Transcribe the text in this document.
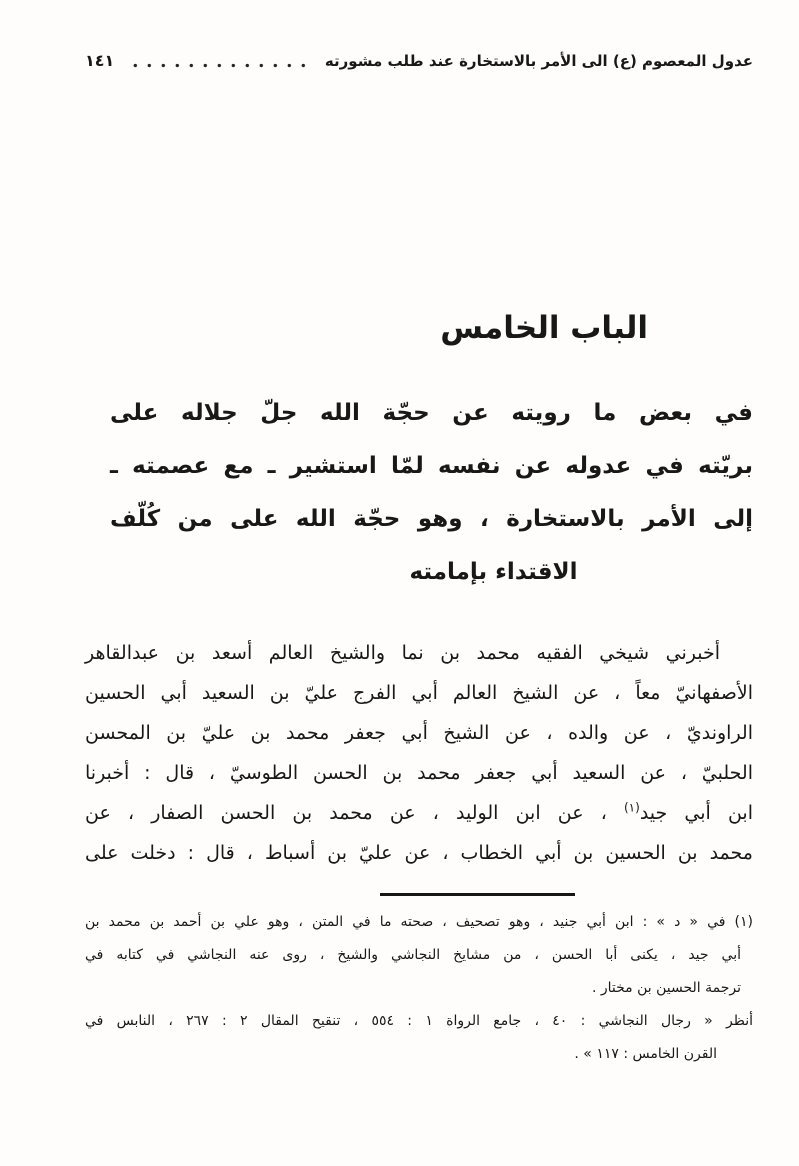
عدول المعصوم (ع) الى الأمر بالاستخارة عند طلب مشورته
١٤١
الباب الخامس
في بعض ما رويته عن حجّة الله جلّ جلاله على
بريّته في عدوله عن نفسه لمّا استشير ـ مع عصمته ـ
إلى الأمر بالاستخارة ، وهو حجّة الله على من كُلّف
الاقتداء بإمامته
أخبرني شيخي الفقيه محمد بن نما والشيخ العالم أسعد بن عبدالقاهر
الأصفهانيّ معاً ، عن الشيخ العالم أبي الفرج عليّ بن السعيد أبي الحسين
الراونديّ ، عن والده ، عن الشيخ أبي جعفر محمد بن عليّ بن المحسن
الحلبيّ ، عن السعيد أبي جعفر محمد بن الحسن الطوسيّ ، قال : أخبرنا
ابن أبي جيد$^{(١)}$ ، عن ابن الوليد ، عن محمد بن الحسن الصفار ، عن
محمد بن الحسين بن أبي الخطاب ، عن عليّ بن أسباط ، قال : دخلت على
(١) في « د » : ابن أبي جنيد ، وهو تصحيف ، صحته ما في المتن ، وهو علي بن أحمد بن محمد بن
أبي جيد ، يكنى أبا الحسن ، من مشايخ النجاشي والشيخ ، روى عنه النجاشي في كتابه في
ترجمة الحسين بن مختار .
أنظر « رجال النجاشي : ٤٠ ، جامع الرواة ١ : ٥٥٤ ، تنقيح المقال ٢ : ٢٦٧ ، النابس في
القرن الخامس : ١١٧ » .
